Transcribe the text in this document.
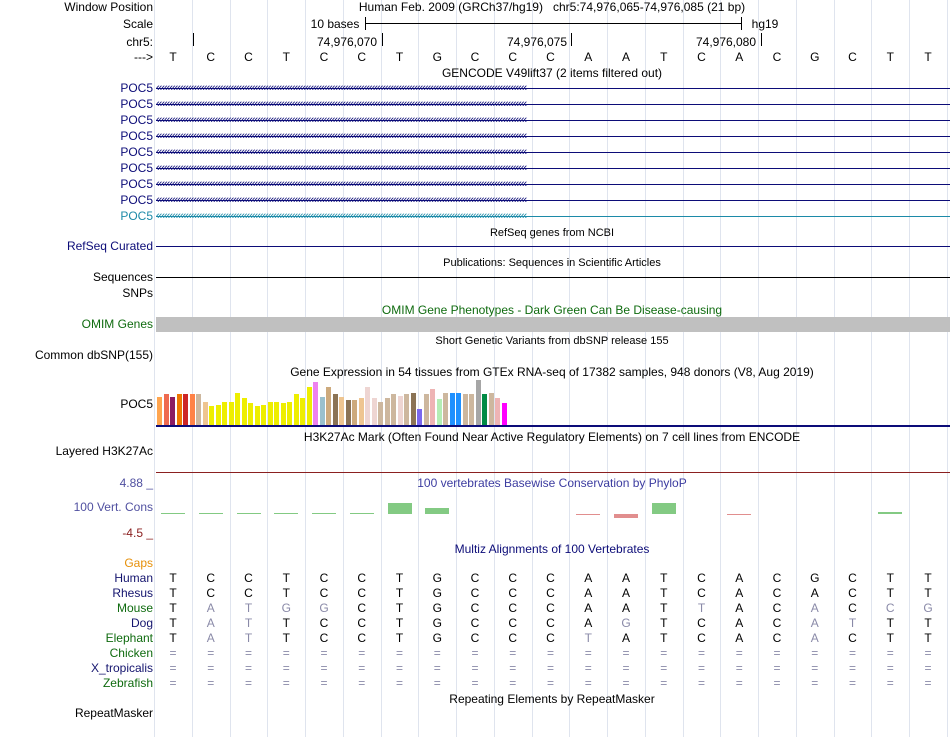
Window Position	Human Feb. 2009 (GRCh37/hg19)   chr5:74,976,065-74,976,085 (21 bp)
Scale	10 bases	hg19
chr5:	74,976,070	74,976,075	74,976,080
---> T C C T C C T G C C C A A	T C A C G C T	T
GENCODE V49lift37 (2 items filtered out)
POC5 ‹‹‹‹‹‹‹‹‹‹‹‹‹‹‹‹‹‹‹‹‹‹‹‹‹‹‹‹‹‹‹‹‹‹‹‹‹‹‹‹‹‹‹‹‹‹‹‹‹‹‹‹‹‹‹‹‹‹‹‹‹‹‹‹‹‹‹‹‹‹‹‹‹‹‹‹‹‹‹‹‹‹‹‹‹‹‹‹‹‹‹‹‹‹‹‹‹‹‹‹‹‹‹‹‹‹‹‹‹‹‹‹‹‹‹‹‹‹‹‹‹‹‹‹‹‹‹‹‹‹‹‹‹‹‹‹‹‹‹
POC5 ‹‹‹‹‹‹‹‹‹‹‹‹‹‹‹‹‹‹‹‹‹‹‹‹‹‹‹‹‹‹‹‹‹‹‹‹‹‹‹‹‹‹‹‹‹‹‹‹‹‹‹‹‹‹‹‹‹‹‹‹‹‹‹‹‹‹‹‹‹‹‹‹‹‹‹‹‹‹‹‹‹‹‹‹‹‹‹‹‹‹‹‹‹‹‹‹‹‹‹‹‹‹‹‹‹‹‹‹‹‹‹‹‹‹‹‹‹‹‹‹‹‹‹‹‹‹‹‹‹‹‹‹‹‹‹‹‹‹‹
POC5 ‹‹‹‹‹‹‹‹‹‹‹‹‹‹‹‹‹‹‹‹‹‹‹‹‹‹‹‹‹‹‹‹‹‹‹‹‹‹‹‹‹‹‹‹‹‹‹‹‹‹‹‹‹‹‹‹‹‹‹‹‹‹‹‹‹‹‹‹‹‹‹‹‹‹‹‹‹‹‹‹‹‹‹‹‹‹‹‹‹‹‹‹‹‹‹‹‹‹‹‹‹‹‹‹‹‹‹‹‹‹‹‹‹‹‹‹‹‹‹‹‹‹‹‹‹‹‹‹‹‹‹‹‹‹‹‹‹‹‹
POC5 ‹‹‹‹‹‹‹‹‹‹‹‹‹‹‹‹‹‹‹‹‹‹‹‹‹‹‹‹‹‹‹‹‹‹‹‹‹‹‹‹‹‹‹‹‹‹‹‹‹‹‹‹‹‹‹‹‹‹‹‹‹‹‹‹‹‹‹‹‹‹‹‹‹‹‹‹‹‹‹‹‹‹‹‹‹‹‹‹‹‹‹‹‹‹‹‹‹‹‹‹‹‹‹‹‹‹‹‹‹‹‹‹‹‹‹‹‹‹‹‹‹‹‹‹‹‹‹‹‹‹‹‹‹‹‹‹‹‹‹
POC5 ‹‹‹‹‹‹‹‹‹‹‹‹‹‹‹‹‹‹‹‹‹‹‹‹‹‹‹‹‹‹‹‹‹‹‹‹‹‹‹‹‹‹‹‹‹‹‹‹‹‹‹‹‹‹‹‹‹‹‹‹‹‹‹‹‹‹‹‹‹‹‹‹‹‹‹‹‹‹‹‹‹‹‹‹‹‹‹‹‹‹‹‹‹‹‹‹‹‹‹‹‹‹‹‹‹‹‹‹‹‹‹‹‹‹‹‹‹‹‹‹‹‹‹‹‹‹‹‹‹‹‹‹‹‹‹‹‹‹‹
POC5 ‹‹‹‹‹‹‹‹‹‹‹‹‹‹‹‹‹‹‹‹‹‹‹‹‹‹‹‹‹‹‹‹‹‹‹‹‹‹‹‹‹‹‹‹‹‹‹‹‹‹‹‹‹‹‹‹‹‹‹‹‹‹‹‹‹‹‹‹‹‹‹‹‹‹‹‹‹‹‹‹‹‹‹‹‹‹‹‹‹‹‹‹‹‹‹‹‹‹‹‹‹‹‹‹‹‹‹‹‹‹‹‹‹‹‹‹‹‹‹‹‹‹‹‹‹‹‹‹‹‹‹‹‹‹‹‹‹‹‹
POC5 ‹‹‹‹‹‹‹‹‹‹‹‹‹‹‹‹‹‹‹‹‹‹‹‹‹‹‹‹‹‹‹‹‹‹‹‹‹‹‹‹‹‹‹‹‹‹‹‹‹‹‹‹‹‹‹‹‹‹‹‹‹‹‹‹‹‹‹‹‹‹‹‹‹‹‹‹‹‹‹‹‹‹‹‹‹‹‹‹‹‹‹‹‹‹‹‹‹‹‹‹‹‹‹‹‹‹‹‹‹‹‹‹‹‹‹‹‹‹‹‹‹‹‹‹‹‹‹‹‹‹‹‹‹‹‹‹‹‹‹
POC5 ‹‹‹‹‹‹‹‹‹‹‹‹‹‹‹‹‹‹‹‹‹‹‹‹‹‹‹‹‹‹‹‹‹‹‹‹‹‹‹‹‹‹‹‹‹‹‹‹‹‹‹‹‹‹‹‹‹‹‹‹‹‹‹‹‹‹‹‹‹‹‹‹‹‹‹‹‹‹‹‹‹‹‹‹‹‹‹‹‹‹‹‹‹‹‹‹‹‹‹‹‹‹‹‹‹‹‹‹‹‹‹‹‹‹‹‹‹‹‹‹‹‹‹‹‹‹‹‹‹‹‹‹‹‹‹‹‹‹‹
POC5 ‹‹‹‹‹‹‹‹‹‹‹‹‹‹‹‹‹‹‹‹‹‹‹‹‹‹‹‹‹‹‹‹‹‹‹‹‹‹‹‹‹‹‹‹‹‹‹‹‹‹‹‹‹‹‹‹‹‹‹‹‹‹‹‹‹‹‹‹‹‹‹‹‹‹‹‹‹‹‹‹‹‹‹‹‹‹‹‹‹‹‹‹‹‹‹‹‹‹‹‹‹‹‹‹‹‹‹‹‹‹‹‹‹‹‹‹‹‹‹‹‹‹‹‹‹‹‹‹‹‹‹‹‹‹‹‹‹‹‹
RefSeq genes from NCBI
RefSeq Curated
Publications: Sequences in Scientific Articles
Sequences
SNPs
OMIM Gene Phenotypes - Dark Green Can Be Disease-causing
OMIM Genes
Short Genetic Variants from dbSNP release 155
Common dbSNP(155)
Gene Expression in 54 tissues from GTEx RNA-seq of 17382 samples, 948 donors (V8, Aug 2019)
POC5
H3K27Ac Mark (Often Found Near Active Regulatory Elements) on 7 cell lines from ENCODE
Layered H3K27Ac
100 vertebrates Basewise Conservation by PhyloP
4.88 _
100 Vert. Cons
-4.5 _
Multiz Alignments of 100 Vertebrates
Gaps
Human T C C T C C T G C C C A A	T C A C G C T	T
Rhesus T C C T C C T G C C C A A	T C A C A C T	T
Mouse T	A	T G G C T G C C C A A	T	T	A C A C C G
Dog T	A	T	T C C T G C C C A G T C A C A	T	T	T
Elephant T	A	T	T C C T G C C C T	A	T C A C A C T	T
Chicken =	=	=	=	=	=	=	=	=	=	=	=	=	=	=	=	=	=	=	=	=
X_tropicalis =	=	=	=	=	=	=	=	=	=	=	=	=	=	=	=	=	=	=	=	=
Zebrafish =	=	=	=	=	=	=	=	=	=	=	=	=	=	=	=	=	=	=	=	=
Repeating Elements by RepeatMasker
RepeatMasker
